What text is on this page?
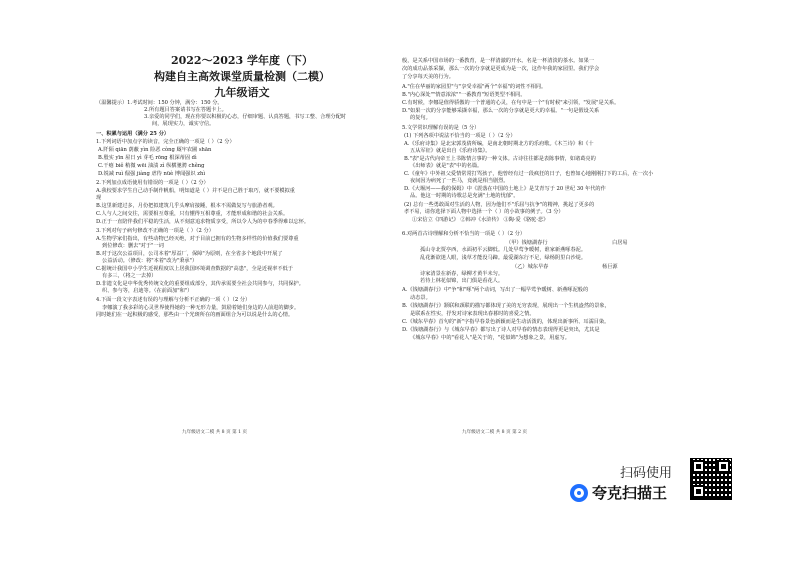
2022～2023 学年度（下）
构建自主高效课堂质量检测（二模）
九年级语文
（温馨提示）1.考试时间：150 分钟，满分：150 分。
2.所有题目答案请书写在答题卡上。
3.亲爱的同学们，现在你要以积极的心态，仔细审题、认真答题，书写工整、合理分配时
间，展现实力，诚实守信。
一、积累与运用（满分 25 分）
1.下列词语中加点字的读音，完全正确的一项是（ ）（2 分）
A.阡陌 qiān 荫蔽 yìn 险恶 còng 厩牢农圃 shān
B.殷实 yīn 屋日 yì 芽毛 rōng 根深蒂固 dì
C.干瘪 biě 稍微 wēi 油渍 zì 纵横驰骋 chěng
D.锐减 ruì 倔强 jiàng 虐待 nüè 博闻强识 zhì
2.下列加点成语使用有错误的一项是（ ）（2 分）
A.我校要求学生自己动手制作帆船，明知道是（ ）并不是自己胜于取巧，就不要模拟重
现
B.这里新建过多，月份把拟建筑几乎头摩肩接踵，根本不需做复写与旅游者观。
C.人与人之间交往，需要相互尊重，只有懂得互相尊重，才能形成和谐的社会关系。
D.正于一直陪伴我们平稳的生活，从不刻意追求物质享受，所以令人为的中春季得难以忘怀。
3.下列对句子病句修改不正确的一项是（ ）（2 分）
A.生物学家们指出，有些动物已经灭绝，对于目前已拥有的生物多样性的价值我们要尊重
到位修改：删去"对于"一词
B.对于这次公益项目，公司本着"厚益厂，保障"为原则，在全省多个地段中开展了
公益活动。（修改：将"本着"改为"秉承"）
C.据统计我国中小学生近视程度以上居我国环境调查数据的"高患"，全是近视率不低于
有多三，（将之一去掉）
D.非遗文化是中华优秀传统文化的重要组成部分，其传承需要全社会共同参与，共同保护。
织、参与等，启迪等。（在前面加"和"）
4.下面一段文字表述有误的与理解与分析不正确的一项（ ）（2 分）
李娜演了我多彩的心灵世界使得她的一种无形力量，鼓励着她们身边的人前进的脚步。
同时她们在一起积极的感受，那些由一个光斑所在的画面组合为可以说是什么的心情。
九年级语文二模 共 8 页 第 1 页
般，是关系中国市场的一番教育，是一样清澈的开水。名是一杯清淡的茶水。如果一
次的成功品茶采撷，那么一次的分享就是更成为是一次，这作年我的家园里。我们学会
了分享每天美的行为。
A."住在华丽的家园里"与"享受幸福"两个"幸福"的词性不相同。
B."内心深处""情意浓浓""一番教育"短语类型不相同。
C.有时候，李娜是值得骄傲的一个普通的心灵，在句中是一个"有时候"来引领，"发展"是关系。
D."如果一次的分享能够采撷幸福，那么一次的分享就是更大的幸福。"一句是假设关系
的复句。
5.文学常识理解有误的是（5 分）
(1) 下列各项中说法不恰当的一项是（ ）（2 分）
A.《乐府诗集》是北宋郭茂倩所编，是南北朝时期北方的乐府歌。《木兰诗》和《十
五从军征》就是出自《乐府诗集》。
B."表"是古代向帝王上书陈情言事的一种文体。古诗往往都是表陈事情，如诸葛亮的
《出师表》就是"表"中的名篇。
C.《童年》中外祖父爱情常常打骂孩子，他曾经有过一段疯狂的日子，也曾如心地刚刚打下的工后，在一次小
夜间因为病死了一匹马，竟就是相当剧烈。
D.《大堰河——我的保姆》中《震落在中国的土地上》是艾青写于 20 世纪 30 年代的作
品。他这一时期的诗歌总是充满"土地的忧郁"。
(2) 总有一些勇敢面对生活的人物，因为他们不"乐屈与抗争"的精神，挑起了更多的
孝不易，请你选择下面人物中选择一个（ ）的小故事的例子。（3 分）
①宋信立《四游记》 ②韩冲《水浒传》 ③陶·爱《骆驼·悲》
6.对两首古诗理解和分析不恰当的一项是（ ）（2 分）
（甲）钱塘湖春行	白居易
孤山寺北贾亭西，水面初平云脚低。几处早莺争暖树，谁家新燕啄春泥。
乱花渐欲迷人眼，浅草才能没马蹄。最爱湖东行不足，绿杨阴里白沙堤。
（乙）城东早春	杨巨源
诗家清景在新春，绿柳才黄半未匀。
若待上林花似锦，出门俱是看花人。
A.《钱塘湖春行》中"争"和"啄"两个动词，写出了一幅早莺争暖树、新燕啄泥般的
动态景。
B.《钱塘湖春行》颔联和颈联的描写都体现了美的无穷表现，展现出一个生机盎然的景象，
是联系在性实，抒发对诗家表现出春暮时的喜爱之情。
C.《城东早春》首句的"新"字指早春景色新颖而是生动活泼的，体现出新事所、耳濡目染。
D.《钱塘湖春行》与《城东早春》都写出了诗人对早春的情态表现得更是突出，尤其是
《城东早春》中的"看花人"是关于的，"花似锦"为想象之景，用虚写。
九年级语文二模 共 8 页 第 2 页
扫码使用
夸克扫描王
